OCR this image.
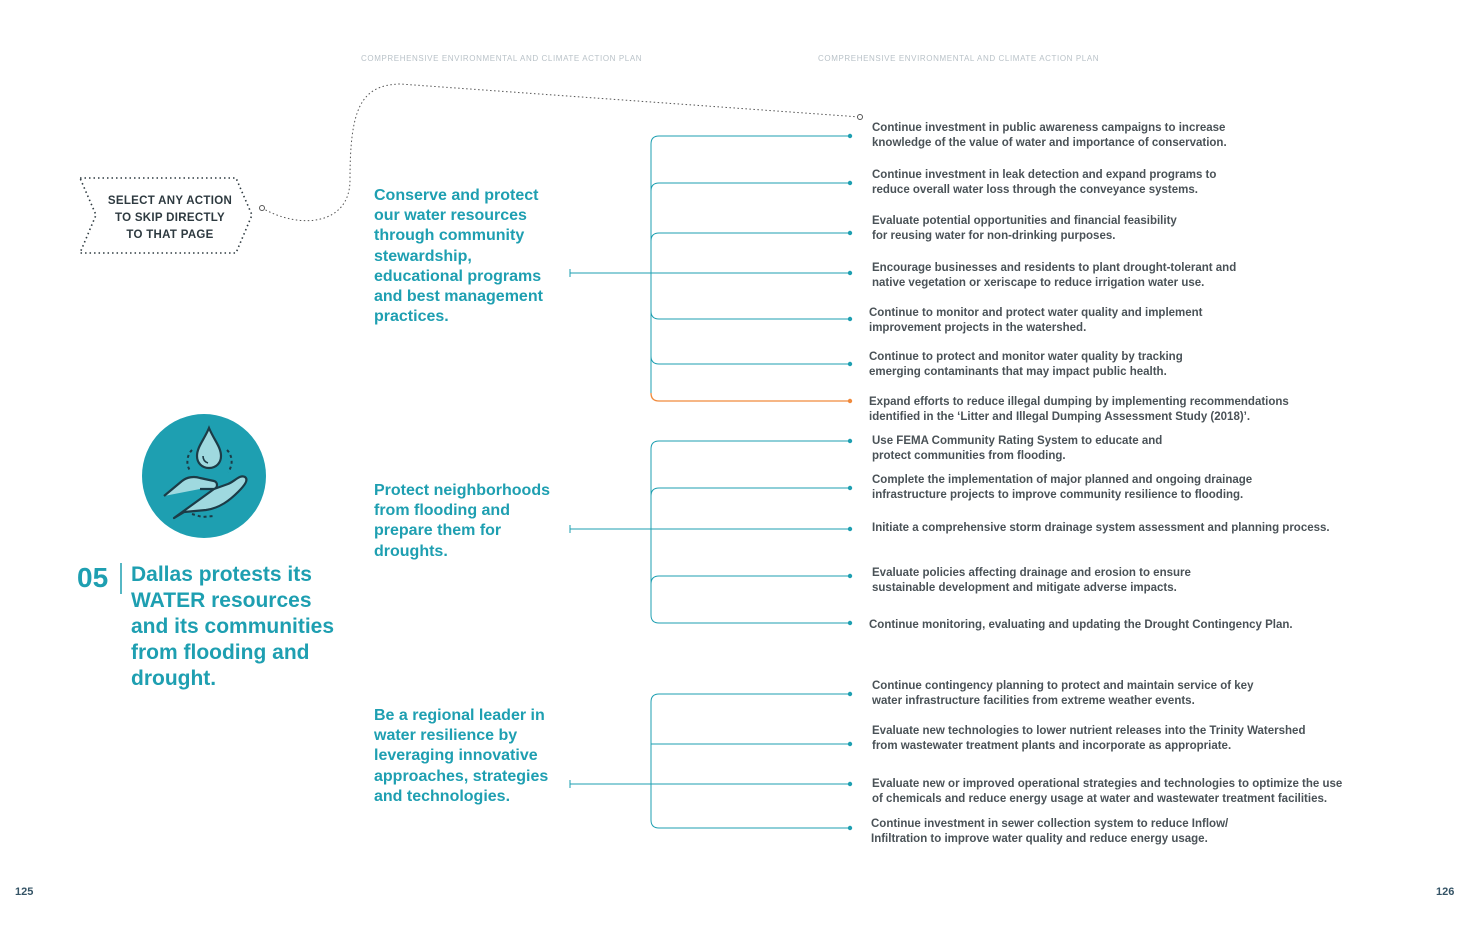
COMPREHENSIVE ENVIRONMENTAL AND CLIMATE ACTION PLAN	COMPREHENSIVE ENVIRONMENTAL AND CLIMATE ACTION PLAN
SELECT ANY ACTION
TO SKIP DIRECTLY
TO THAT PAGE
05 Dallas protests its WATER resources and its communities from flooding and drought.
Conserve and protect our water resources through community stewardship, educational programs and best management practices.
Protect neighborhoods from flooding and prepare them for droughts.
Be a regional leader in water resilience by leveraging innovative approaches, strategies and technologies.
Continue investment in public awareness campaigns to increase
knowledge of the value of water and importance of conservation.
Continue investment in leak detection and expand programs to
reduce overall water loss through the conveyance systems.
Evaluate potential opportunities and financial feasibility
for reusing water for non-drinking purposes.
Encourage businesses and residents to plant drought-tolerant and
native vegetation or xeriscape to reduce irrigation water use.
Continue to monitor and protect water quality and implement
improvement projects in the watershed.
Continue to protect and monitor water quality by tracking
emerging contaminants that may impact public health.
Expand efforts to reduce illegal dumping by implementing recommendations
identified in the ‘Litter and Illegal Dumping Assessment Study (2018)’.
Use FEMA Community Rating System to educate and
protect communities from flooding.
Complete the implementation of major planned and ongoing drainage
infrastructure projects to improve community resilience to flooding.
Initiate a comprehensive storm drainage system assessment and planning process.
Evaluate policies affecting drainage and erosion to ensure
sustainable development and mitigate adverse impacts.
Continue monitoring, evaluating and updating the Drought Contingency Plan.
Continue contingency planning to protect and maintain service of key
water infrastructure facilities from extreme weather events.
Evaluate new technologies to lower nutrient releases into the Trinity Watershed
from wastewater treatment plants and incorporate as appropriate.
Evaluate new or improved operational strategies and technologies to optimize the use
of chemicals and reduce energy usage at water and wastewater treatment facilities.
Continue investment in sewer collection system to reduce Inflow/
Infiltration to improve water quality and reduce energy usage.
125	126
